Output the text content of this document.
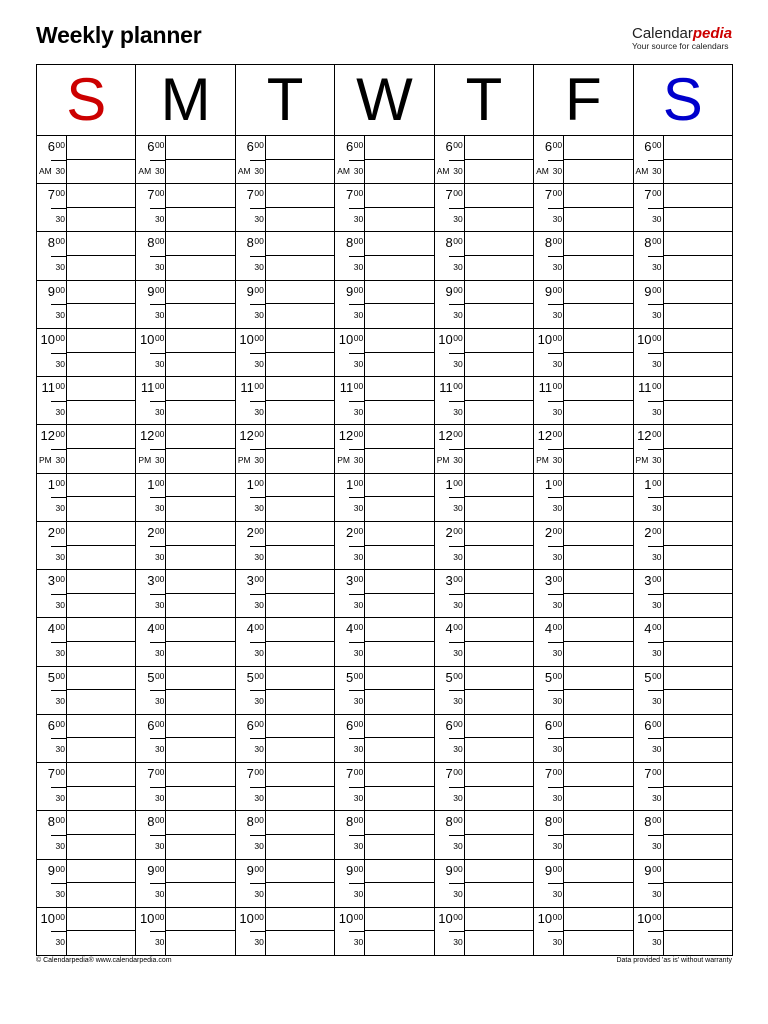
Weekly planner	Calendarpedia
Your source for calendars
S
6 00
AM 30
7 00
30
8 00
30
9 00
30
10 00
30
11 00
30
12 00
PM 30
1 00
30
2 00
30
3 00
30
4 00
30
5 00
30
6 00
30
7 00
30
8 00
30
9 00
30
10 00
30
M
6 00
AM 30
7 00
30
8 00
30
9 00
30
10 00
30
11 00
30
12 00
PM 30
1 00
30
2 00
30
3 00
30
4 00
30
5 00
30
6 00
30
7 00
30
8 00
30
9 00
30
10 00
30
T
6 00
AM 30
7 00
30
8 00
30
9 00
30
10 00
30
11 00
30
12 00
PM 30
1 00
30
2 00
30
3 00
30
4 00
30
5 00
30
6 00
30
7 00
30
8 00
30
9 00
30
10 00
30
W
6 00
AM 30
7 00
30
8 00
30
9 00
30
10 00
30
11 00
30
12 00
PM 30
1 00
30
2 00
30
3 00
30
4 00
30
5 00
30
6 00
30
7 00
30
8 00
30
9 00
30
10 00
30
T
6 00
AM 30
7 00
30
8 00
30
9 00
30
10 00
30
11 00
30
12 00
PM 30
1 00
30
2 00
30
3 00
30
4 00
30
5 00
30
6 00
30
7 00
30
8 00
30
9 00
30
10 00
30
F
6 00
AM 30
7 00
30
8 00
30
9 00
30
10 00
30
11 00
30
12 00
PM 30
1 00
30
2 00
30
3 00
30
4 00
30
5 00
30
6 00
30
7 00
30
8 00
30
9 00
30
10 00
30
S
6 00
AM 30
7 00
30
8 00
30
9 00
30
10 00
30
11 00
30
12 00
PM 30
1 00
30
2 00
30
3 00
30
4 00
30
5 00
30
6 00
30
7 00
30
8 00
30
9 00
30
10 00
30
© Calendarpedia® www.calendarpedia.com	Data provided 'as is' without warranty
